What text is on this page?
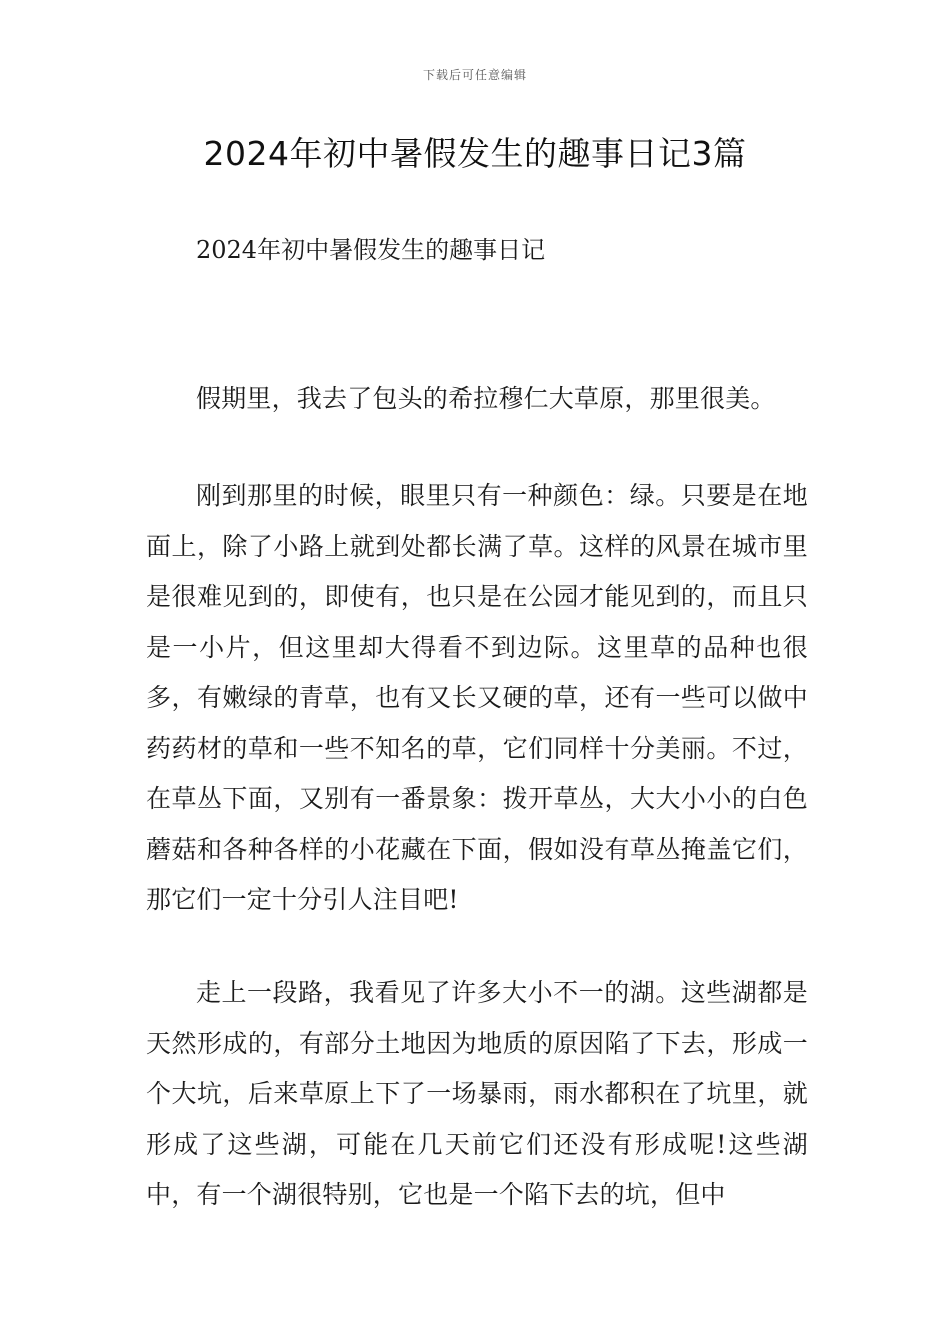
下载后可任意编辑
2024年初中暑假发生的趣事日记3篇

2024年初中暑假发生的趣事日记

假期里，我去了包头的希拉穆仁大草原，那里很美。

刚到那里的时候，眼里只有一种颜色：绿。只要是在地面上，除了小路上就到处都长满了草。这样的风景在城市里是很难见到的，即使有，也只是在公园才能见到的，而且只是一小片，但这里却大得看不到边际。这里草的品种也很多，有嫩绿的青草，也有又长又硬的草，还有一些可以做中药药材的草和一些不知名的草，它们同样十分美丽。不过，在草丛下面，又别有一番景象：拨开草丛，大大小小的白色蘑菇和各种各样的小花藏在下面，假如没有草丛掩盖它们，那它们一定十分引人注目吧!

走上一段路，我看见了许多大小不一的湖。这些湖都是天然形成的，有部分土地因为地质的原因陷了下去，形成一个大坑，后来草原上下了一场暴雨，雨水都积在了坑里，就形成了这些湖，可能在几天前它们还没有形成呢!这些湖中，有一个湖很特别，它也是一个陷下去的坑，但中
